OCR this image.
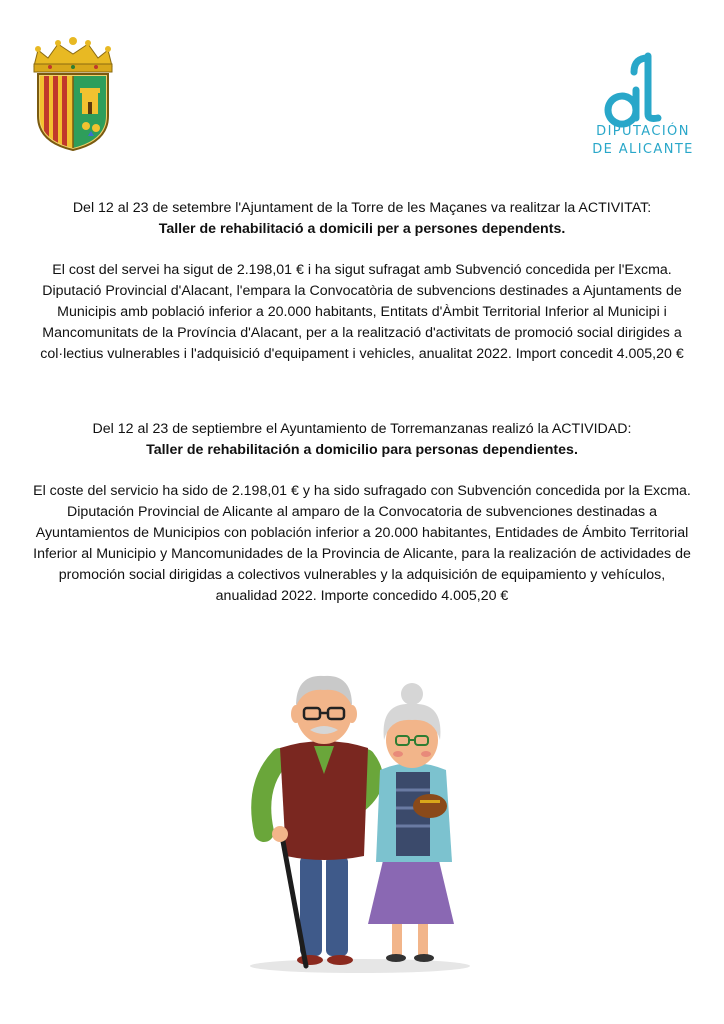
DIPUTACIÓN
DE ALICANTE
Del 12 al 23 de setembre l'Ajuntament de la Torre de les Maçanes va realitzar la ACTIVITAT:
Taller de rehabilitació a domicili per a persones dependents.
El cost del servei ha sigut de 2.198,01 € i ha sigut sufragat amb Subvenció concedida per l'Excma. Diputació Provincial d'Alacant, l'empara la Convocatòria de subvencions destinades a Ajuntaments de Municipis amb població inferior a 20.000 habitants, Entitats d'Àmbit Territorial Inferior al Municipi i Mancomunitats de la Província d'Alacant, per a la realització d'activitats de promoció social dirigides a col·lectius vulnerables i l'adquisició d'equipament i vehicles, anualitat 2022. Import concedit 4.005,20 €
Del 12 al 23 de septiembre el Ayuntamiento de Torremanzanas realizó la ACTIVIDAD:
Taller de rehabilitación a domicilio para personas dependientes.
El coste del servicio ha sido de 2.198,01 € y ha sido sufragado con Subvención concedida por la Excma. Diputación Provincial de Alicante al amparo de la Convocatoria de subvenciones destinadas a Ayuntamientos de Municipios con población inferior a 20.000 habitantes, Entidades de Ámbito Territorial Inferior al Municipio y Mancomunidades de la Provincia de Alicante, para la realización de actividades de promoción social dirigidas a colectivos vulnerables y la adquisición de equipamiento y vehículos, anualidad 2022. Importe concedido 4.005,20 €
